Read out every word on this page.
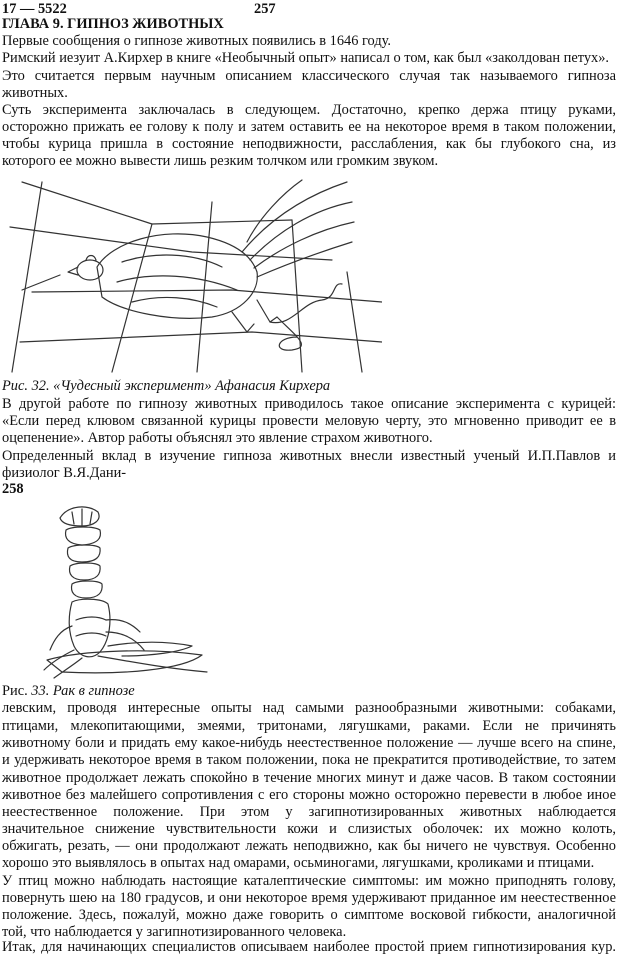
17 — 5522	257
ГЛАВА 9. ГИПНОЗ ЖИВОТНЫХ
Первые сообщения о гипнозе животных появились в 1646 году.
Римский иезуит А.Кирхер в книге «Необычный опыт» написал о том, как был «заколдован петух».
Это считается первым научным описанием классического случая так называемого гипноза
животных.
Суть эксперимента заключалась в следующем. Достаточно, крепко держа птицу руками,
осторожно прижать ее голову к полу и затем оставить ее на некоторое время в таком положении,
чтобы курица пришла в состояние неподвижности, расслабления, как бы глубокого сна, из
которого ее можно вывести лишь резким толчком или громким звуком.
Рис. 32. «Чудесный эксперимент» Афанасия Кирхера
В другой работе по гипнозу животных приводилось такое описание эксперимента с курицей:
«Если перед клювом связанной курицы провести меловую черту, это мгновенно приводит ее в
оцепенение». Автор работы объяснял это явление страхом животного.
Определенный вклад в изучение гипноза животных внесли известный ученый И.П.Павлов и
физиолог В.Я.Дани-
258
Рис. 33. Рак в гипнозе
левским, проводя интересные опыты над самыми разнообразными животными: собаками,
птицами, млекопитающими, змеями, тритонами, лягушками, раками. Если не причинять
животному боли и придать ему какое-нибудь неестественное положение — лучше всего на спине,
и удерживать некоторое время в таком положении, пока не прекратится противодействие, то затем
животное продолжает лежать спокойно в течение многих минут и даже часов. В таком состоянии
животное без малейшего сопротивления с его стороны можно осторожно перевести в любое иное
неестественное положение. При этом у загипнотизированных животных наблюдается
значительное снижение чувствительности кожи и слизистых оболочек: их можно колоть,
обжигать, резать, — они продолжают лежать неподвижно, как бы ничего не чувствуя. Особенно
хорошо это выявлялось в опытах над омарами, осьминогами, лягушками, кроликами и птицами.
У птиц можно наблюдать настоящие каталептические симптомы: им можно приподнять голову,
повернуть шею на 180 градусов, и они некоторое время удерживают приданное им неестественное
положение. Здесь, пожалуй, можно даже говорить о симптоме восковой гибкости, аналогичной
той, что наблюдается у загипнотизированного человека.
Итак, для начинающих специалистов описываем наиболее простой прием гипнотизирования кур.
